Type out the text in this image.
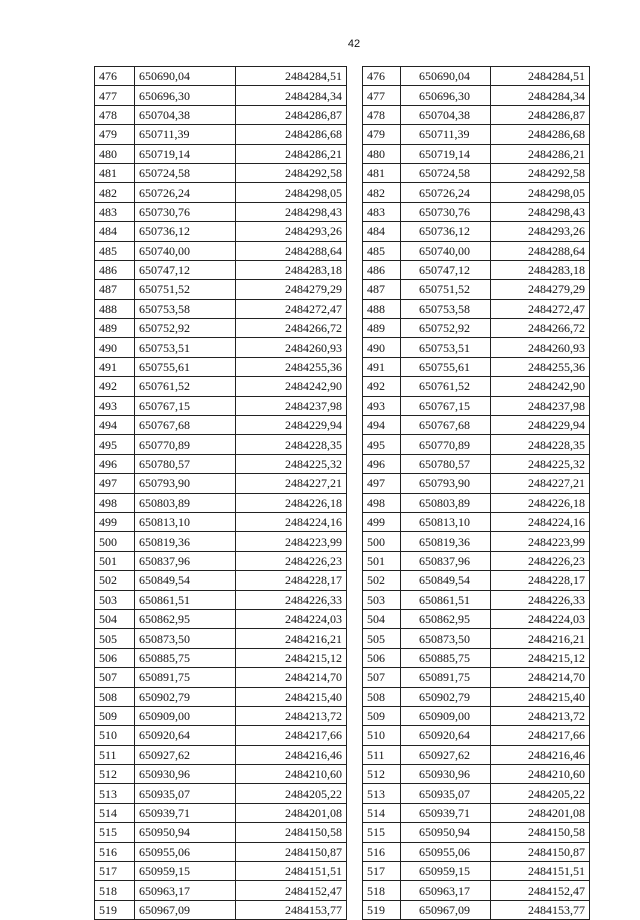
42
476	650690,04	2484284,51
477	650696,30	2484284,34
478	650704,38	2484286,87
479	650711,39	2484286,68
480	650719,14	2484286,21
481	650724,58	2484292,58
482	650726,24	2484298,05
483	650730,76	2484298,43
484	650736,12	2484293,26
485	650740,00	2484288,64
486	650747,12	2484283,18
487	650751,52	2484279,29
488	650753,58	2484272,47
489	650752,92	2484266,72
490	650753,51	2484260,93
491	650755,61	2484255,36
492	650761,52	2484242,90
493	650767,15	2484237,98
494	650767,68	2484229,94
495	650770,89	2484228,35
496	650780,57	2484225,32
497	650793,90	2484227,21
498	650803,89	2484226,18
499	650813,10	2484224,16
500	650819,36	2484223,99
501	650837,96	2484226,23
502	650849,54	2484228,17
503	650861,51	2484226,33
504	650862,95	2484224,03
505	650873,50	2484216,21
506	650885,75	2484215,12
507	650891,75	2484214,70
508	650902,79	2484215,40
509	650909,00	2484213,72
510	650920,64	2484217,66
511	650927,62	2484216,46
512	650930,96	2484210,60
513	650935,07	2484205,22
514	650939,71	2484201,08
515	650950,94	2484150,58
516	650955,06	2484150,87
517	650959,15	2484151,51
518	650963,17	2484152,47
519	650967,09	2484153,77
476	650690,04	2484284,51
477	650696,30	2484284,34
478	650704,38	2484286,87
479	650711,39	2484286,68
480	650719,14	2484286,21
481	650724,58	2484292,58
482	650726,24	2484298,05
483	650730,76	2484298,43
484	650736,12	2484293,26
485	650740,00	2484288,64
486	650747,12	2484283,18
487	650751,52	2484279,29
488	650753,58	2484272,47
489	650752,92	2484266,72
490	650753,51	2484260,93
491	650755,61	2484255,36
492	650761,52	2484242,90
493	650767,15	2484237,98
494	650767,68	2484229,94
495	650770,89	2484228,35
496	650780,57	2484225,32
497	650793,90	2484227,21
498	650803,89	2484226,18
499	650813,10	2484224,16
500	650819,36	2484223,99
501	650837,96	2484226,23
502	650849,54	2484228,17
503	650861,51	2484226,33
504	650862,95	2484224,03
505	650873,50	2484216,21
506	650885,75	2484215,12
507	650891,75	2484214,70
508	650902,79	2484215,40
509	650909,00	2484213,72
510	650920,64	2484217,66
511	650927,62	2484216,46
512	650930,96	2484210,60
513	650935,07	2484205,22
514	650939,71	2484201,08
515	650950,94	2484150,58
516	650955,06	2484150,87
517	650959,15	2484151,51
518	650963,17	2484152,47
519	650967,09	2484153,77
